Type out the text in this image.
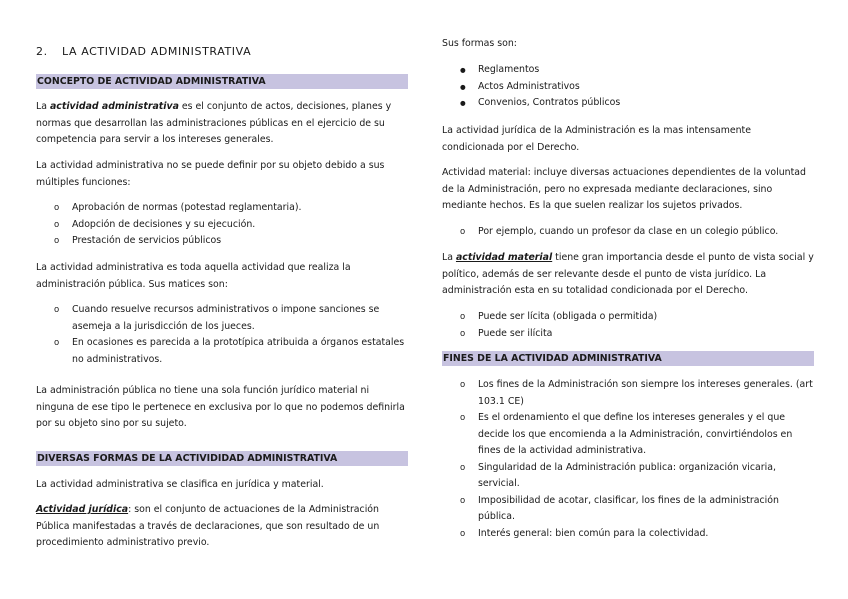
2. LA ACTIVIDAD ADMINISTRATIVA
CONCEPTO DE ACTIVIDAD ADMINISTRATIVA

La actividad administrativa es el conjunto de actos, decisiones, planes y normas que desarrollan las administraciones públicas en el ejercicio de su competencia para servir a los intereses generales.

La actividad administrativa no se puede definir por su objeto debido a sus múltiples funciones:

o Aprobación de normas (potestad reglamentaria).
o Adopción de decisiones y su ejecución.
o Prestación de servicios públicos

La actividad administrativa es toda aquella actividad que realiza la administración pública. Sus matices son:

o Cuando resuelve recursos administrativos o impone sanciones se asemeja a la jurisdicción de los jueces.
o En ocasiones es parecida a la prototípica atribuida a órganos estatales no administrativos.

La administración pública no tiene una sola función jurídico material ni ninguna de ese tipo le pertenece en exclusiva por lo que no podemos definirla por su objeto sino por su sujeto.

DIVERSAS FORMAS DE LA ACTIVIDIDAD ADMINISTRATIVA

La actividad administrativa se clasifica en jurídica y material.

Actividad jurídica: son el conjunto de actuaciones de la Administración Pública manifestadas a través de declaraciones, que son resultado de un procedimiento administrativo previo.

Sus formas son:

● Reglamentos
● Actos Administrativos
● Convenios, Contratos públicos

La actividad jurídica de la Administración es la mas intensamente condicionada por el Derecho.

Actividad material: incluye diversas actuaciones dependientes de la voluntad de la Administración, pero no expresada mediante declaraciones, sino mediante hechos. Es la que suelen realizar los sujetos privados.

o Por ejemplo, cuando un profesor da clase en un colegio público.

La actividad material tiene gran importancia desde el punto de vista social y político, además de ser relevante desde el punto de vista jurídico. La administración esta en su totalidad condicionada por el Derecho.

o Puede ser lícita (obligada o permitida)
o Puede ser ilícita
FINES DE LA ACTIVIDAD ADMINISTRATIVA
o Los fines de la Administración son siempre los intereses generales. (art 103.1 CE)
o Es el ordenamiento el que define los intereses generales y el que decide los que encomienda a la Administración, convirtiéndolos en fines de la actividad administrativa.
o Singularidad de la Administración publica: organización vicaria, servicial.
o Imposibilidad de acotar, clasificar, los fines de la administración pública.
o Interés general: bien común para la colectividad.
